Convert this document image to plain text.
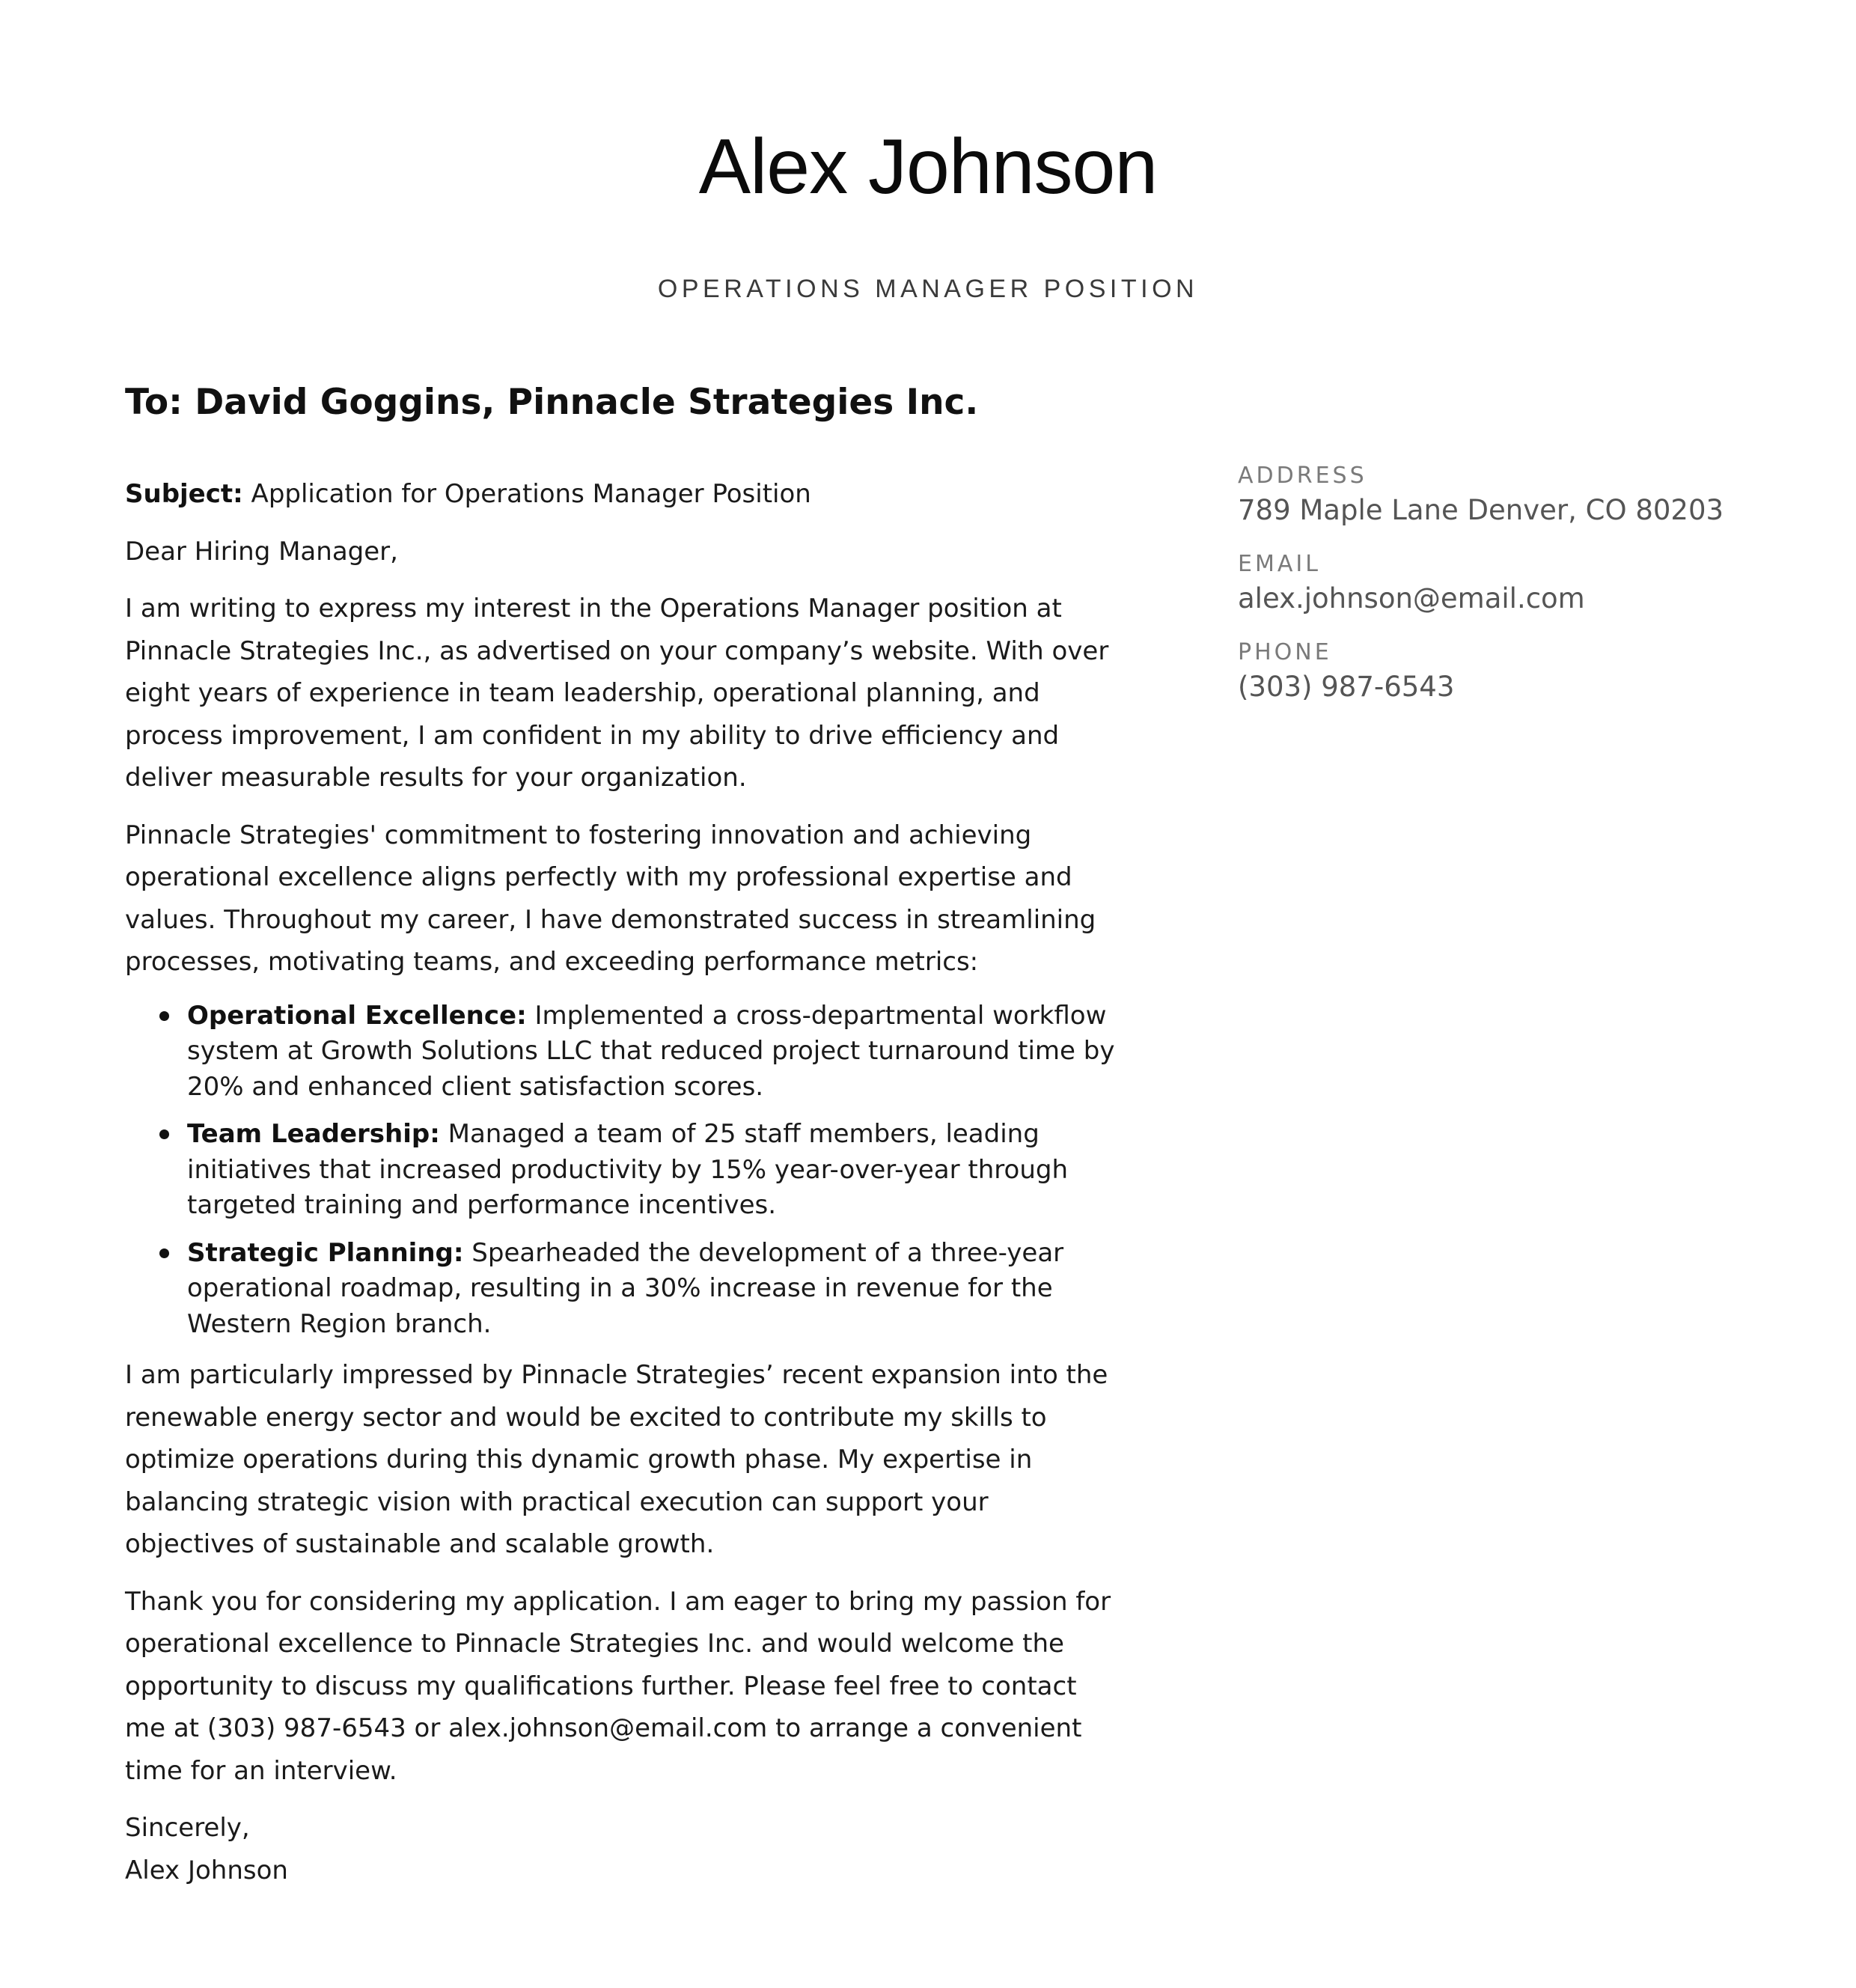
Alex Johnson
OPERATIONS MANAGER POSITION
To: David Goggins, Pinnacle Strategies Inc.

Subject: Application for Operations Manager Position

Dear Hiring Manager,

I am writing to express my interest in the Operations Manager position at Pinnacle Strategies Inc., as advertised on your company’s website. With over eight years of experience in team leadership, operational planning, and process improvement, I am confident in my ability to drive efficiency and deliver measurable results for your organization.

Pinnacle Strategies' commitment to fostering innovation and achieving operational excellence aligns perfectly with my professional expertise and values. Throughout my career, I have demonstrated success in streamlining processes, motivating teams, and exceeding performance metrics:

Operational Excellence: Implemented a cross-departmental workflow system at Growth Solutions LLC that reduced project turnaround time by 20% and enhanced client satisfaction scores.
Team Leadership: Managed a team of 25 staff members, leading initiatives that increased productivity by 15% year-over-year through targeted training and performance incentives.
Strategic Planning: Spearheaded the development of a three-year operational roadmap, resulting in a 30% increase in revenue for the Western Region branch.

I am particularly impressed by Pinnacle Strategies’ recent expansion into the renewable energy sector and would be excited to contribute my skills to optimize operations during this dynamic growth phase. My expertise in balancing strategic vision with practical execution can support your objectives of sustainable and scalable growth.

Thank you for considering my application. I am eager to bring my passion for operational excellence to Pinnacle Strategies Inc. and would welcome the opportunity to discuss my qualifications further. Please feel free to contact me at (303) 987-6543 or alex.johnson@email.com to arrange a convenient time for an interview.

Sincerely,
Alex Johnson
ADDRESS
789 Maple Lane Denver, CO 80203
EMAIL
alex.johnson@email.com
PHONE
(303) 987-6543
